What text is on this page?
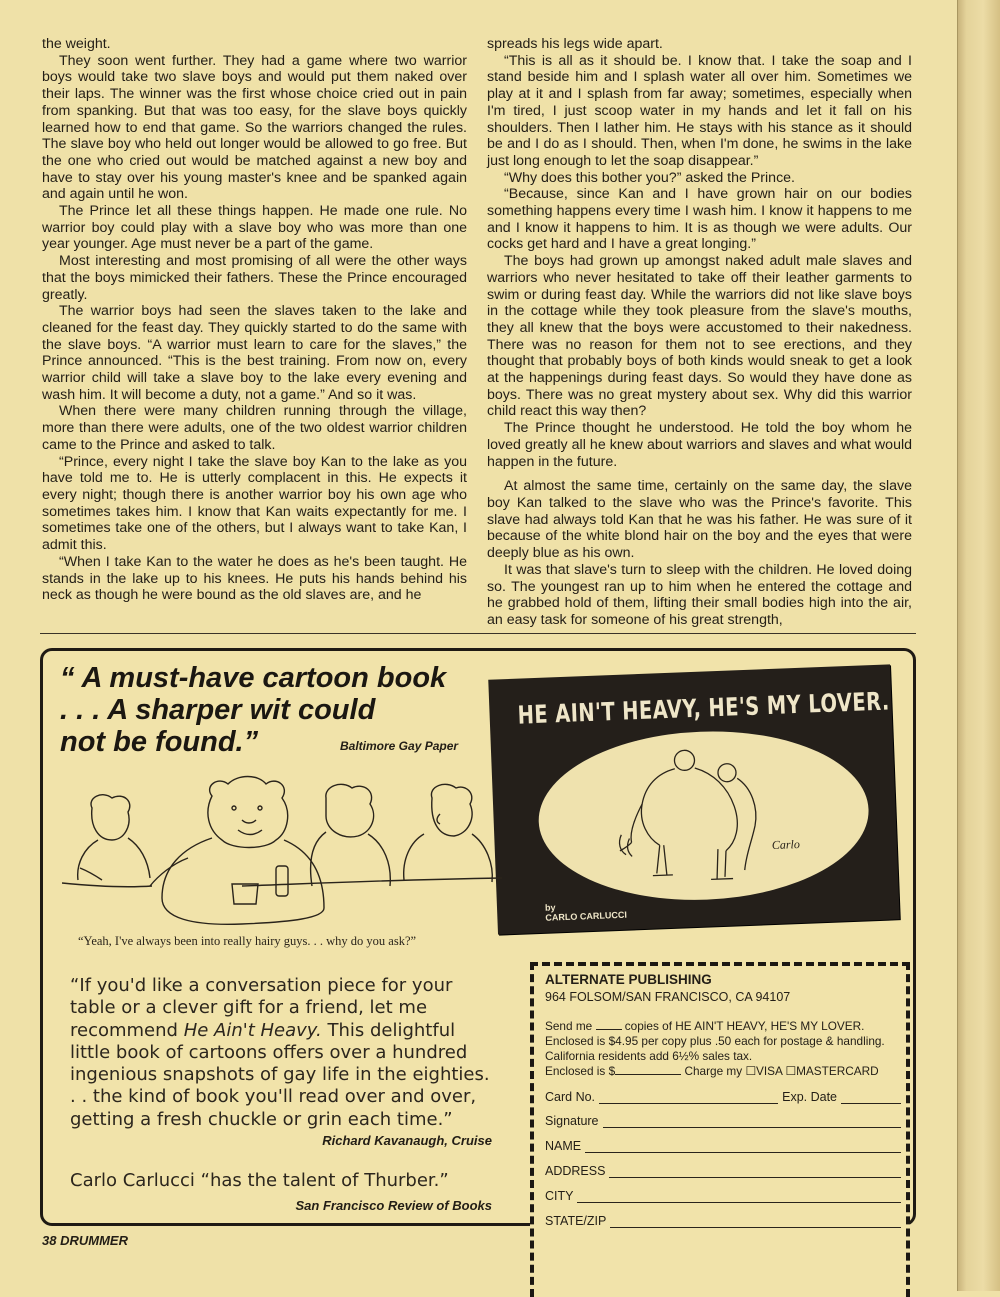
the weight.

They soon went further. They had a game where two warrior boys would take two slave boys and would put them naked over their laps. The winner was the first whose choice cried out in pain from spanking. But that was too easy, for the slave boys quickly learned how to end that game. So the warriors changed the rules. The slave boy who held out longer would be allowed to go free. But the one who cried out would be matched against a new boy and have to stay over his young master's knee and be spanked again and again until he won.

The Prince let all these things happen. He made one rule. No warrior boy could play with a slave boy who was more than one year younger. Age must never be a part of the game.

Most interesting and most promising of all were the other ways that the boys mimicked their fathers. These the Prince encouraged greatly.

The warrior boys had seen the slaves taken to the lake and cleaned for the feast day. They quickly started to do the same with the slave boys. “A warrior must learn to care for the slaves,” the Prince announced. “This is the best training. From now on, every warrior child will take a slave boy to the lake every evening and wash him. It will become a duty, not a game.” And so it was.

When there were many children running through the village, more than there were adults, one of the two oldest warrior children came to the Prince and asked to talk.

“Prince, every night I take the slave boy Kan to the lake as you have told me to. He is utterly complacent in this. He expects it every night; though there is another warrior boy his own age who sometimes takes him. I know that Kan waits expectantly for me. I sometimes take one of the others, but I always want to take Kan, I admit this.

“When I take Kan to the water he does as he's been taught. He stands in the lake up to his knees. He puts his hands behind his neck as though he were bound as the old slaves are, and he

spreads his legs wide apart.

“This is all as it should be. I know that. I take the soap and I stand beside him and I splash water all over him. Sometimes we play at it and I splash from far away; sometimes, especially when I'm tired, I just scoop water in my hands and let it fall on his shoulders. Then I lather him. He stays with his stance as it should be and I do as I should. Then, when I'm done, he swims in the lake just long enough to let the soap disappear.”

“Why does this bother you?” asked the Prince.

“Because, since Kan and I have grown hair on our bodies something happens every time I wash him. I know it happens to me and I know it happens to him. It is as though we were adults. Our cocks get hard and I have a great longing.”

The boys had grown up amongst naked adult male slaves and warriors who never hesitated to take off their leather garments to swim or during feast day. While the warriors did not like slave boys in the cottage while they took pleasure from the slave's mouths, they all knew that the boys were accustomed to their nakedness. There was no reason for them not to see erections, and they thought that probably boys of both kinds would sneak to get a look at the happenings during feast days. So would they have done as boys. There was no great mystery about sex. Why did this warrior child react this way then?

The Prince thought he understood. He told the boy whom he loved greatly all he knew about warriors and slaves and what would happen in the future.

At almost the same time, certainly on the same day, the slave boy Kan talked to the slave who was the Prince's favorite. This slave had always told Kan that he was his father. He was sure of it because of the white blond hair on the boy and the eyes that were deeply blue as his own.

It was that slave's turn to sleep with the children. He loved doing so. The youngest ran up to him when he entered the cottage and he grabbed hold of them, lifting their small bodies high into the air, an easy task for someone of his great strength,

“ A must-have cartoon book
. . . A sharper wit could
not be found.”	Baltimore Gay Paper
HE AIN'T HEAVY, HE'S MY LOVER.
Carlo
by
CARLO CARLUCCI
“Yeah, I've always been into really hairy guys. . . why do you ask?”
“If you'd like a conversation piece for your table or a clever gift for a friend, let me recommend He Ain't Heavy. This delightful little book of cartoons offers over a hundred ingenious snapshots of gay life in the eighties. . . the kind of book you'll read over and over, getting a fresh chuckle or grin each time.”
Richard Kavanaugh, Cruise
Carlo Carlucci “has the talent of Thurber.”
San Francisco Review of Books
ALTERNATE PUBLISHING
964 FOLSOM/SAN FRANCISCO, CA 94107
Send me	copies of HE AIN'T HEAVY, HE'S MY LOVER. Enclosed is $4.95 per copy plus .50 each for postage & handling. California residents add 6½% sales tax.
Enclosed is $	Charge my ☐VISA ☐MASTERCARD
Card No.	Exp. Date
Signature
NAME
ADDRESS
CITY
STATE/ZIP
38 DRUMMER
